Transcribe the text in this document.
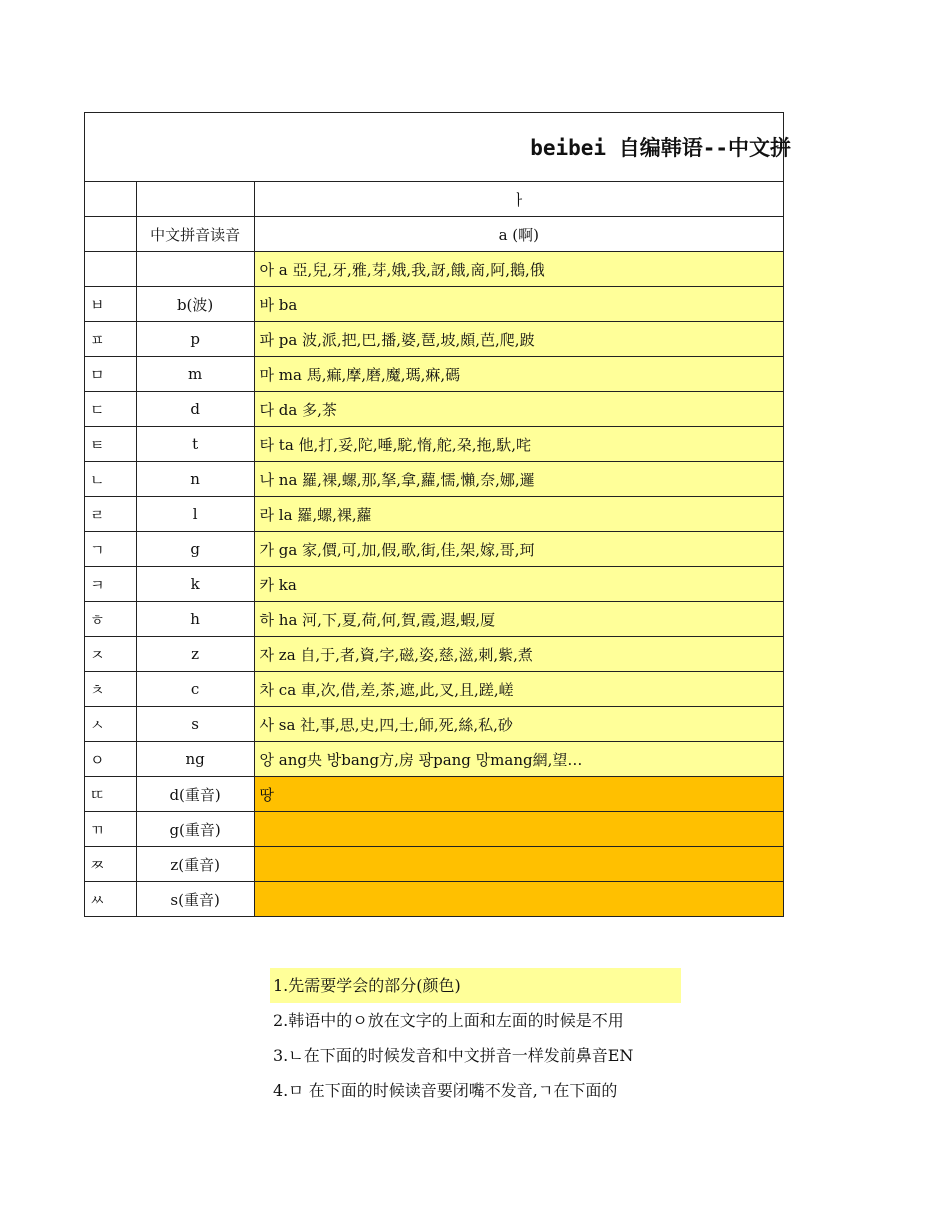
beibei 自编韩语--中文拼		
		ㅏ
	中文拼音读音	a (啊)
		아 a 亞,兒,牙,雅,芽,娥,我,訝,餓,啇,阿,鵝,俄
ㅂ	b(波)	바 ba
ㅍ	p	파 pa 波,派,把,巴,播,婆,琶,坡,頗,芭,爬,跛
ㅁ	m	마 ma 馬,痲,摩,磨,魔,瑪,痳,碼
ㄷ	d	다 da 多,茶
ㅌ	t	타 ta 他,打,妥,陀,唾,駝,惰,舵,朶,拖,馱,咤
ㄴ	n	나 na 羅,裸,螺,那,拏,拿,蘿,懦,懶,奈,娜,邏
ㄹ	l	라 la 羅,螺,裸,蘿
ㄱ	g	가 ga 家,價,可,加,假,歌,街,佳,架,嫁,哥,珂
ㅋ	k	카 ka
ㅎ	h	하 ha 河,下,夏,荷,何,賀,霞,遐,蝦,厦
ㅈ	z	자 za 自,于,者,資,字,磁,姿,慈,滋,刺,紫,煮
ㅊ	c	차 ca 車,次,借,差,茶,遮,此,叉,且,蹉,嵯
ㅅ	s	사 sa 社,事,思,史,四,士,師,死,絲,私,砂
ㅇ	ng	앙 ang央 방bang方,房 팡pang 망mang網,望…
ㄸ	d(重音)	땅
ㄲ	g(重音)	
ㅉ	z(重音)	
ㅆ	s(重音)	
1.先需要学会的部分(颜色)
2.韩语中的ㅇ放在文字的上面和左面的时候是不用
3.ㄴ在下面的时候发音和中文拼音一样发前鼻音EN
4.ㅁ 在下面的时候读音要闭嘴不发音,ㄱ在下面的
